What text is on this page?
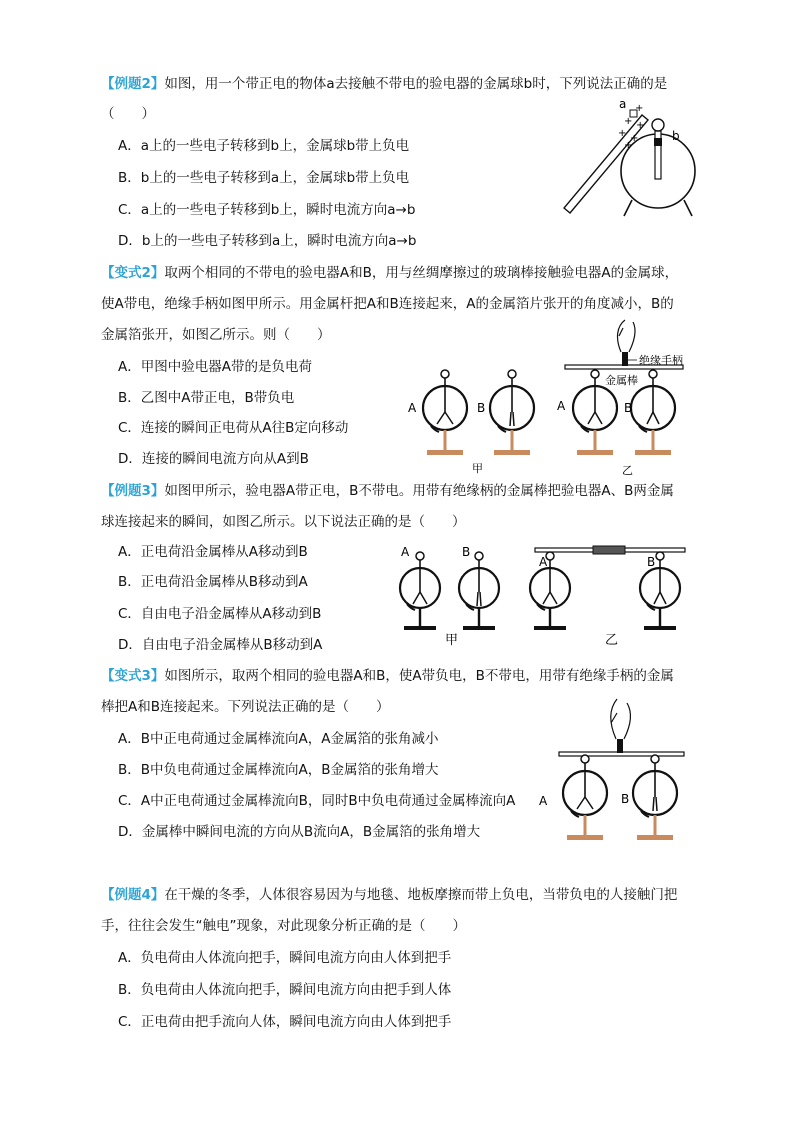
【例题2】如图，用一个带正电的物体a去接触不带电的验电器的金属球b时，下列说法正确的是
（　　）
A．a上的一些电子转移到b上，金属球b带上负电
B．b上的一些电子转移到a上，金属球b带上负电
C．a上的一些电子转移到b上，瞬时电流方向a→b
D．b上的一些电子转移到a上，瞬时电流方向a→b
a
b
+
+ +
+ +
+
【变式2】取两个相同的不带电的验电器A和B，用与丝绸摩擦过的玻璃棒接触验电器A的金属球，
使A带电，绝缘手柄如图甲所示。用金属杆把A和B连接起来，A的金属箔片张开的角度减小，B的
金属箔张开，如图乙所示。则（　　）
A．甲图中验电器A带的是负电荷
B．乙图中A带正电，B带负电
C．连接的瞬间正电荷从A往B定向移动
D．连接的瞬间电流方向从A到B
绝缘手柄
金属棒
A	B	A	B
甲	乙
【例题3】如图甲所示，验电器A带正电，B不带电。用带有绝缘柄的金属棒把验电器A、B两金属
球连接起来的瞬间，如图乙所示。以下说法正确的是（　　）
A．正电荷沿金属棒从A移动到B
B．正电荷沿金属棒从B移动到A
C．自由电子沿金属棒从A移动到B
D．自由电子沿金属棒从B移动到A
A	B
A	B
甲	乙
【变式3】如图所示，取两个相同的验电器A和B，使A带负电，B不带电，用带有绝缘手柄的金属
棒把A和B连接起来。下列说法正确的是（　　）
A．B中正电荷通过金属棒流向A，A金属箔的张角减小
B．B中负电荷通过金属棒流向A，B金属箔的张角增大
C．A中正电荷通过金属棒流向B，同时B中负电荷通过金属棒流向A
D．金属棒中瞬间电流的方向从B流向A，B金属箔的张角增大
A	B
【例题4】在干燥的冬季，人体很容易因为与地毯、地板摩擦而带上负电，当带负电的人接触门把
手，往往会发生“触电”现象，对此现象分析正确的是（　　）
A．负电荷由人体流向把手，瞬间电流方向由人体到把手
B．负电荷由人体流向把手，瞬间电流方向由把手到人体
C．正电荷由把手流向人体，瞬间电流方向由人体到把手
